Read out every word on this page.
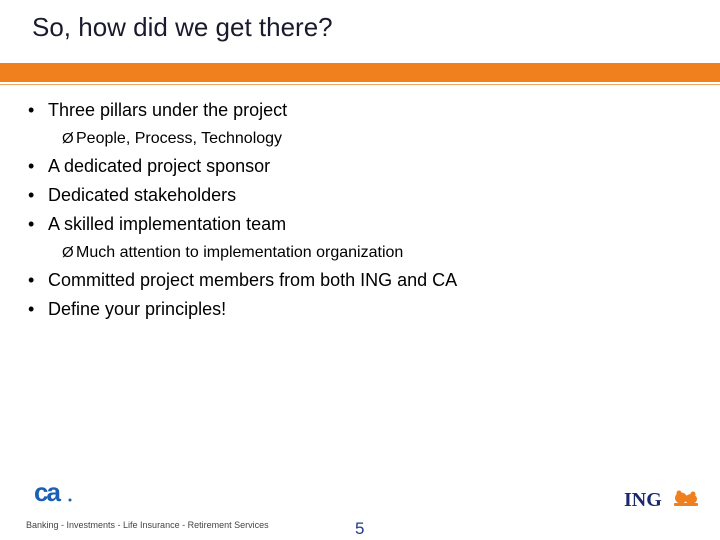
So, how did we get there?
• Three pillars under the project
Ø People, Process, Technology
• A dedicated project sponsor
• Dedicated stakeholders
• A skilled implementation team
Ø Much attention to implementation organization
• Committed project members from both ING and CA
• Define your principles!
ca	ING
Banking - Investments - Life Insurance - Retirement Services	5
